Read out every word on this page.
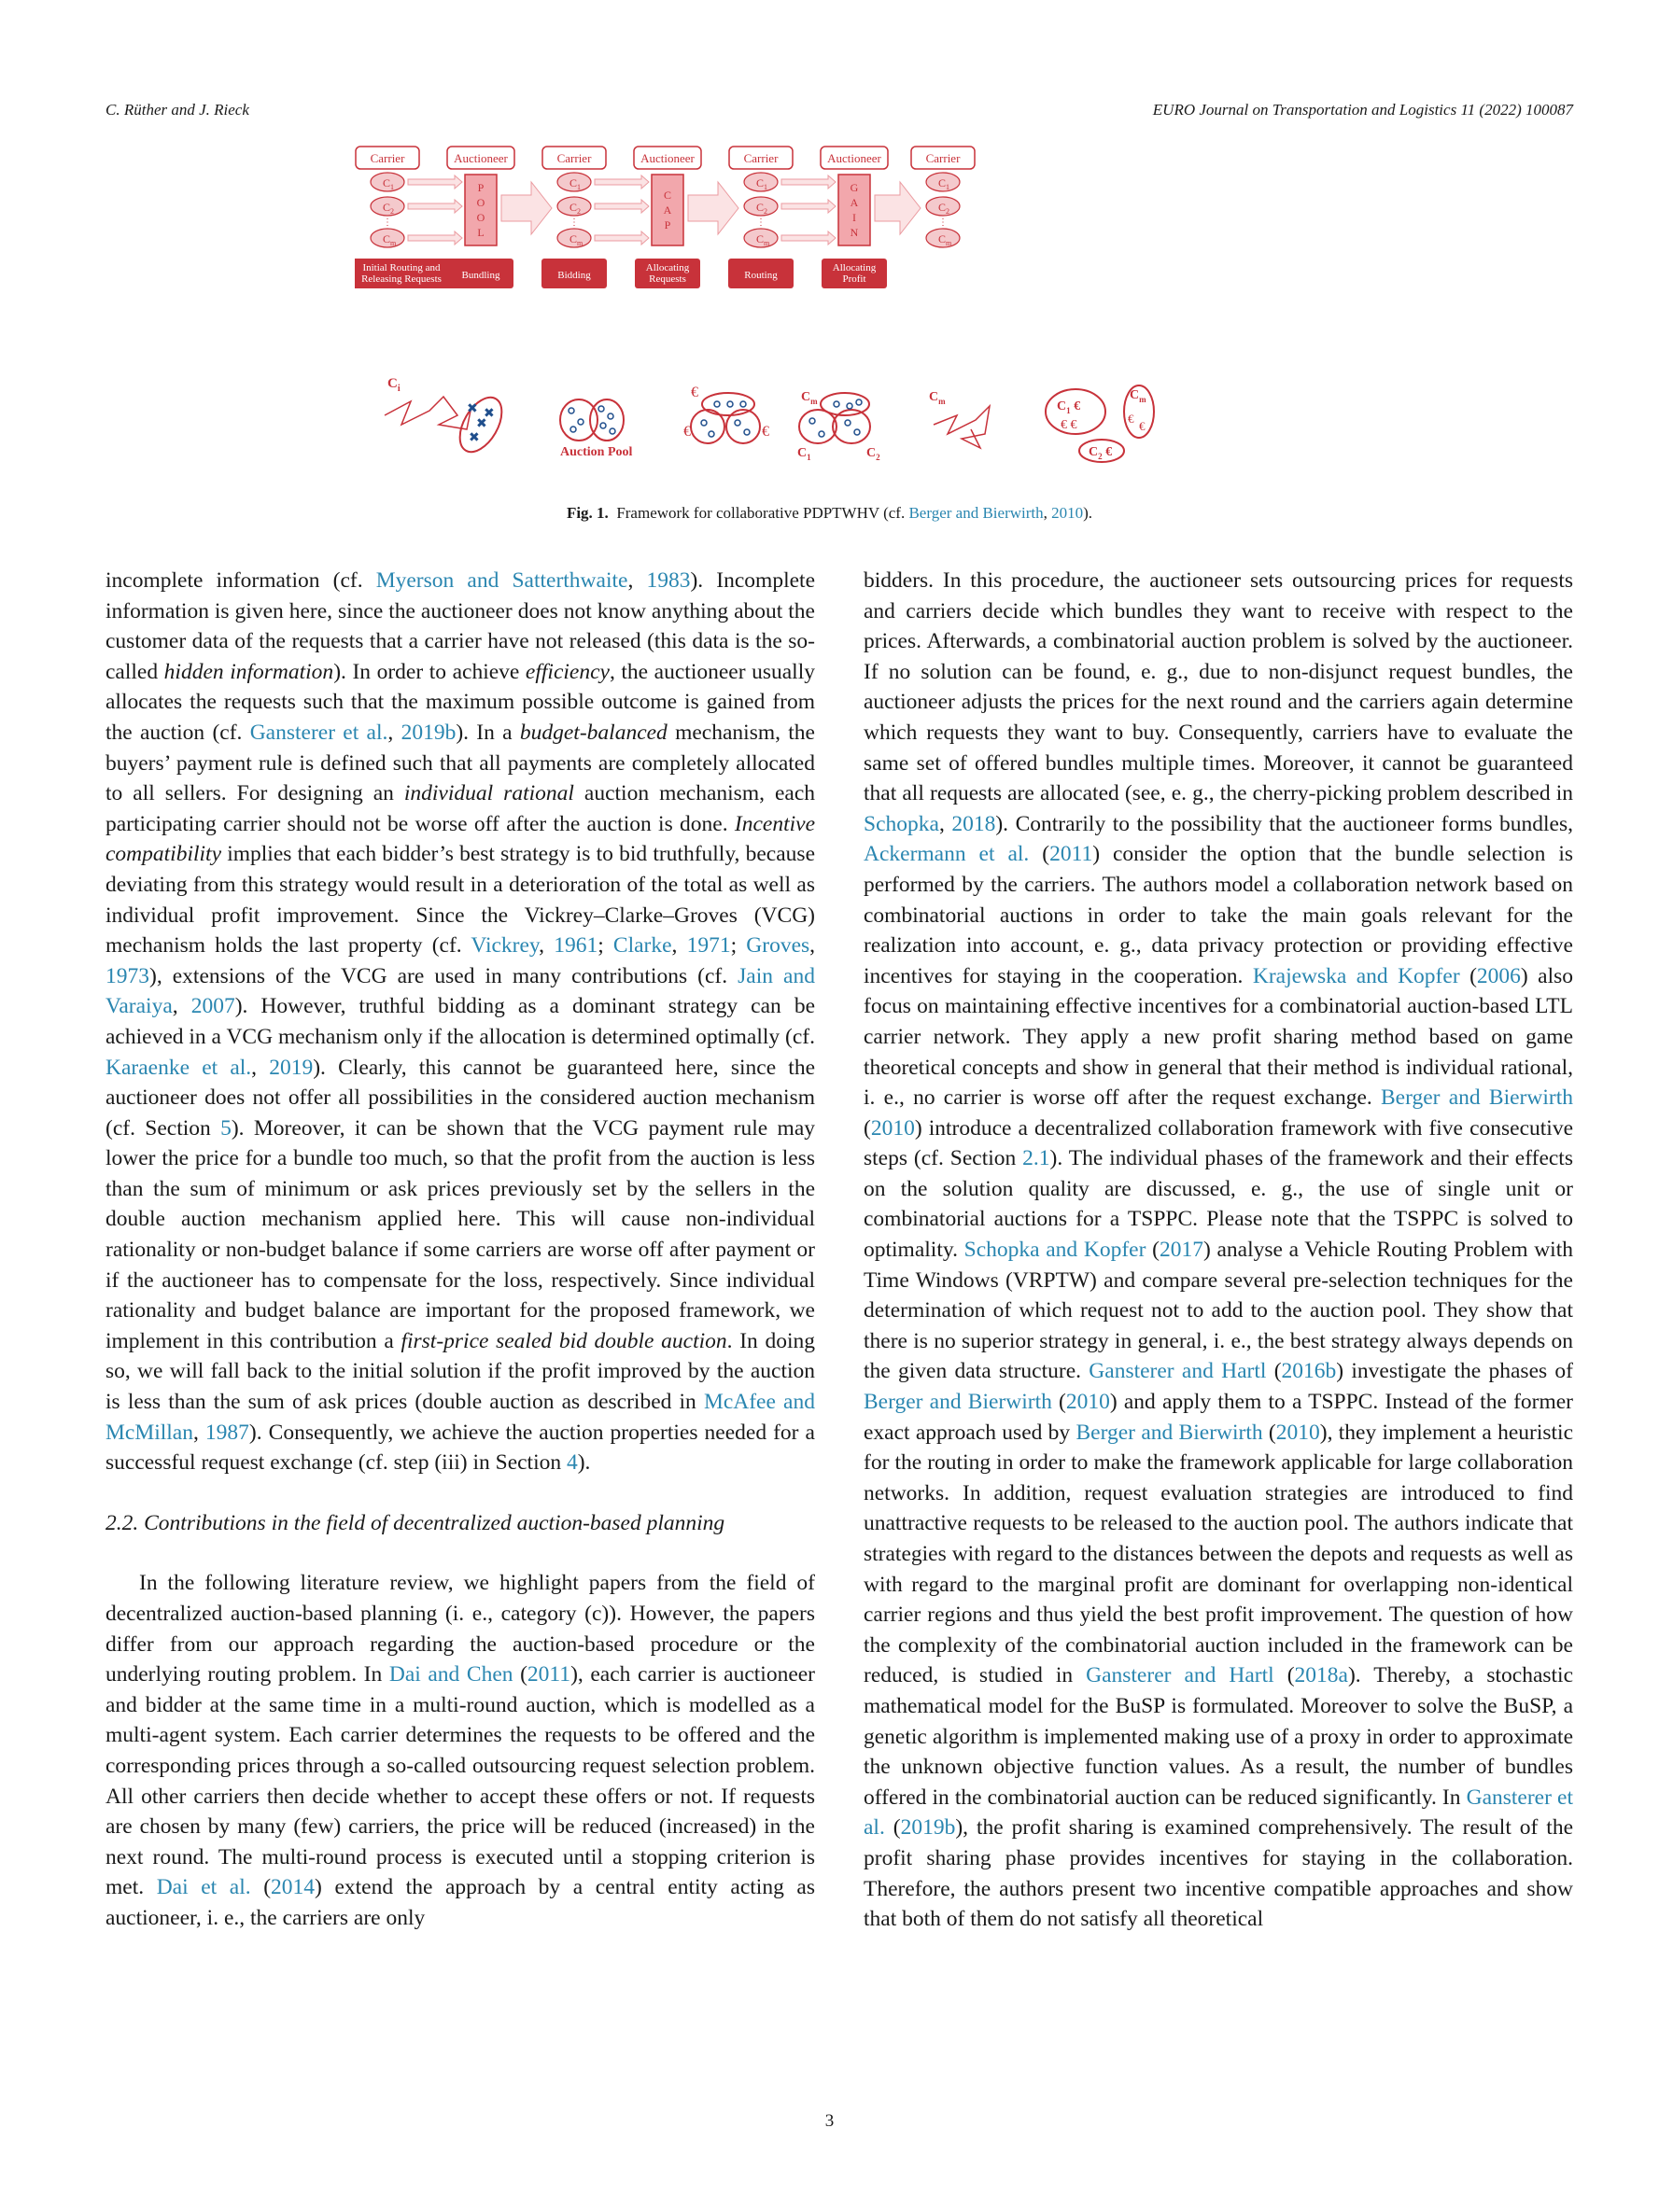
C. Rüther and J. Rieck	EURO Journal on Transportation and Logistics 11 (2022) 100087
Carrier	Carrier	Carrier	Carrier
Auctioneer	Auctioneer	Auctioneer
$C_1$
$C_2$
$C_m$
⋮
$C_1$
$C_2$
$C_m$
⋮
$C_1$
$C_2$
$C_m$
⋮
$C_1$
$C_2$
$C_m$
⋮
P
O
O
L
C
A
P
G
A
I
N
Initial Routing and
Releasing Requests Bundling	Bidding
Allocating
Requests	Routing
Allocating
Profit
$C_i$
✖
✖
✖
✖
Auction Pool
€
€	€
$C_m$
$C_1$	$C_2$
$C_m$	$C_1$ €
€ €
$C_m$
€
€
$C_2$ €
Fig. 1. Framework for collaborative PDPTWHV (cf. Berger and Bierwirth, 2010).

incomplete information (cf. Myerson and Satterthwaite, 1983). Incomplete information is given here, since the auctioneer does not know anything about the customer data of the requests that a carrier have not released (this data is the so-called hidden information). In order to achieve efficiency, the auctioneer usually allocates the requests such that the maximum possible outcome is gained from the auction (cf. Gansterer et al., 2019b). In a budget-balanced mechanism, the buyers’ payment rule is defined such that all payments are completely allocated to all sellers. For designing an individual rational auction mechanism, each participating carrier should not be worse off after the auction is done. Incentive compatibility implies that each bidder’s best strategy is to bid truthfully, because deviating from this strategy would result in a deterioration of the total as well as individual profit improvement. Since the Vickrey–Clarke–Groves (VCG) mechanism holds the last property (cf. Vickrey, 1961; Clarke, 1971; Groves, 1973), extensions of the VCG are used in many contributions (cf. Jain and Varaiya, 2007). However, truthful bidding as a dominant strategy can be achieved in a VCG mechanism only if the allocation is determined optimally (cf. Karaenke et al., 2019). Clearly, this cannot be guaranteed here, since the auctioneer does not offer all possibilities in the considered auction mechanism (cf. Section 5). Moreover, it can be shown that the VCG payment rule may lower the price for a bundle too much, so that the profit from the auction is less than the sum of minimum or ask prices previously set by the sellers in the double auction mechanism applied here. This will cause non-individual rationality or non-budget balance if some carriers are worse off after payment or if the auctioneer has to compensate for the loss, respectively. Since individual rationality and budget balance are important for the proposed framework, we implement in this contribution a first-price sealed bid double auction. In doing so, we will fall back to the initial solution if the profit improved by the auction is less than the sum of ask prices (double auction as described in McAfee and McMillan, 1987). Consequently, we achieve the auction properties needed for a successful request exchange (cf. step (iii) in Section 4).

2.2. Contributions in the field of decentralized auction-based planning

In the following literature review, we highlight papers from the field of decentralized auction-based planning (i. e., category (c)). However, the papers differ from our approach regarding the auction-based procedure or the underlying routing problem. In Dai and Chen (2011), each carrier is auctioneer and bidder at the same time in a multi-round auction, which is modelled as a multi-agent system. Each carrier determines the requests to be offered and the corresponding prices through a so-called outsourcing request selection problem. All other carriers then decide whether to accept these offers or not. If requests are chosen by many (few) carriers, the price will be reduced (increased) in the next round. The multi-round process is executed until a stopping criterion is met. Dai et al. (2014) extend the approach by a central entity acting as auctioneer, i. e., the carriers are only

bidders. In this procedure, the auctioneer sets outsourcing prices for requests and carriers decide which bundles they want to receive with respect to the prices. Afterwards, a combinatorial auction problem is solved by the auctioneer. If no solution can be found, e. g., due to non-disjunct request bundles, the auctioneer adjusts the prices for the next round and the carriers again determine which requests they want to buy. Consequently, carriers have to evaluate the same set of offered bundles multiple times. Moreover, it cannot be guaranteed that all requests are allocated (see, e. g., the cherry-picking problem described in Schopka, 2018). Contrarily to the possibility that the auctioneer forms bundles, Ackermann et al. (2011) consider the option that the bundle selection is performed by the carriers. The authors model a collaboration network based on combinatorial auctions in order to take the main goals relevant for the realization into account, e. g., data privacy protection or providing effective incentives for staying in the cooperation. Krajewska and Kopfer (2006) also focus on maintaining effective incentives for a combinatorial auction-based LTL carrier network. They apply a new profit sharing method based on game theoretical concepts and show in general that their method is individual rational, i. e., no carrier is worse off after the request exchange. Berger and Bierwirth (2010) introduce a decentralized collaboration framework with five consecutive steps (cf. Section 2.1). The individual phases of the framework and their effects on the solution quality are discussed, e. g., the use of single unit or combinatorial auctions for a TSPPC. Please note that the TSPPC is solved to optimality. Schopka and Kopfer (2017) analyse a Vehicle Routing Problem with Time Windows (VRPTW) and compare several pre-selection techniques for the determination of which request not to add to the auction pool. They show that there is no superior strategy in general, i. e., the best strategy always depends on the given data structure. Gansterer and Hartl (2016b) investigate the phases of Berger and Bierwirth (2010) and apply them to a TSPPC. Instead of the former exact approach used by Berger and Bierwirth (2010), they implement a heuristic for the routing in order to make the framework applicable for large collaboration networks. In addition, request evaluation strategies are introduced to find unattractive requests to be released to the auction pool. The authors indicate that strategies with regard to the distances between the depots and requests as well as with regard to the marginal profit are dominant for overlapping non-identical carrier regions and thus yield the best profit improvement. The question of how the complexity of the combinatorial auction included in the framework can be reduced, is studied in Gansterer and Hartl (2018a). Thereby, a stochastic mathematical model for the BuSP is formulated. Moreover to solve the BuSP, a genetic algorithm is implemented making use of a proxy in order to approximate the unknown objective function values. As a result, the number of bundles offered in the combinatorial auction can be reduced significantly. In Gansterer et al. (2019b), the profit sharing is examined comprehensively. The result of the profit sharing phase provides incentives for staying in the collaboration. Therefore, the authors present two incentive compatible approaches and show that both of them do not satisfy all theoretical

3
